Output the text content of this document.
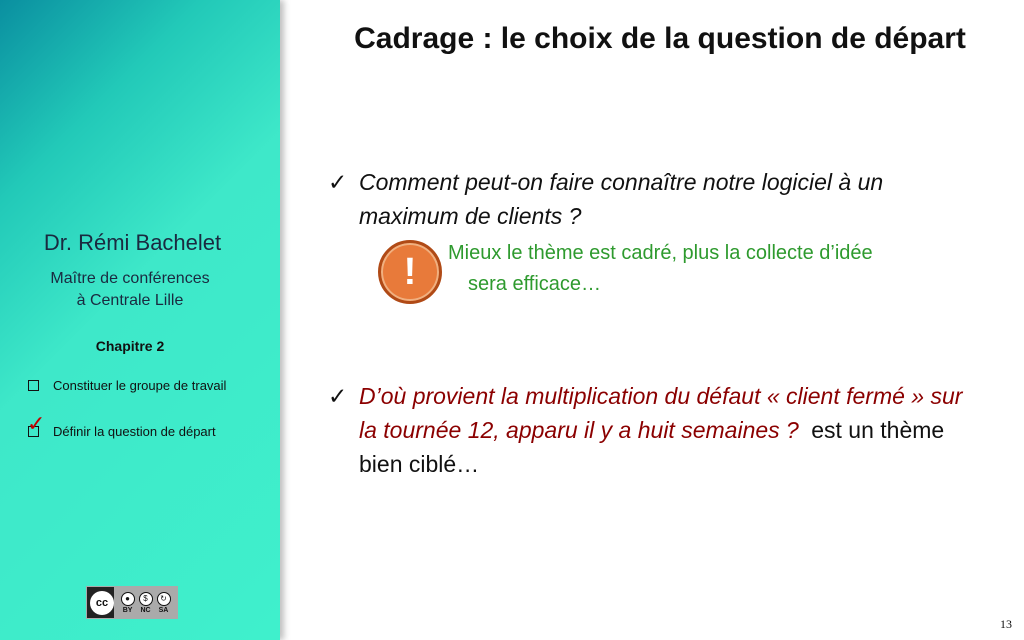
Dr. Rémi Bachelet
Maître de conférences
à Centrale Lille
Chapitre 2
Constituer le groupe de travail
✓ Définir la question de départ
cc	●	$	↻
BY NC SA
Cadrage : le choix de la question de départ
✓ Comment peut-on faire connaître notre logiciel à un maximum de clients ?
!	Mieux le thème est cadré, plus la collecte d’idée
sera efficace…
✓ D’où provient la multiplication du défaut « client fermé » sur la tournée 12, apparu il y a huit semaines ? est un thème bien ciblé…
13
